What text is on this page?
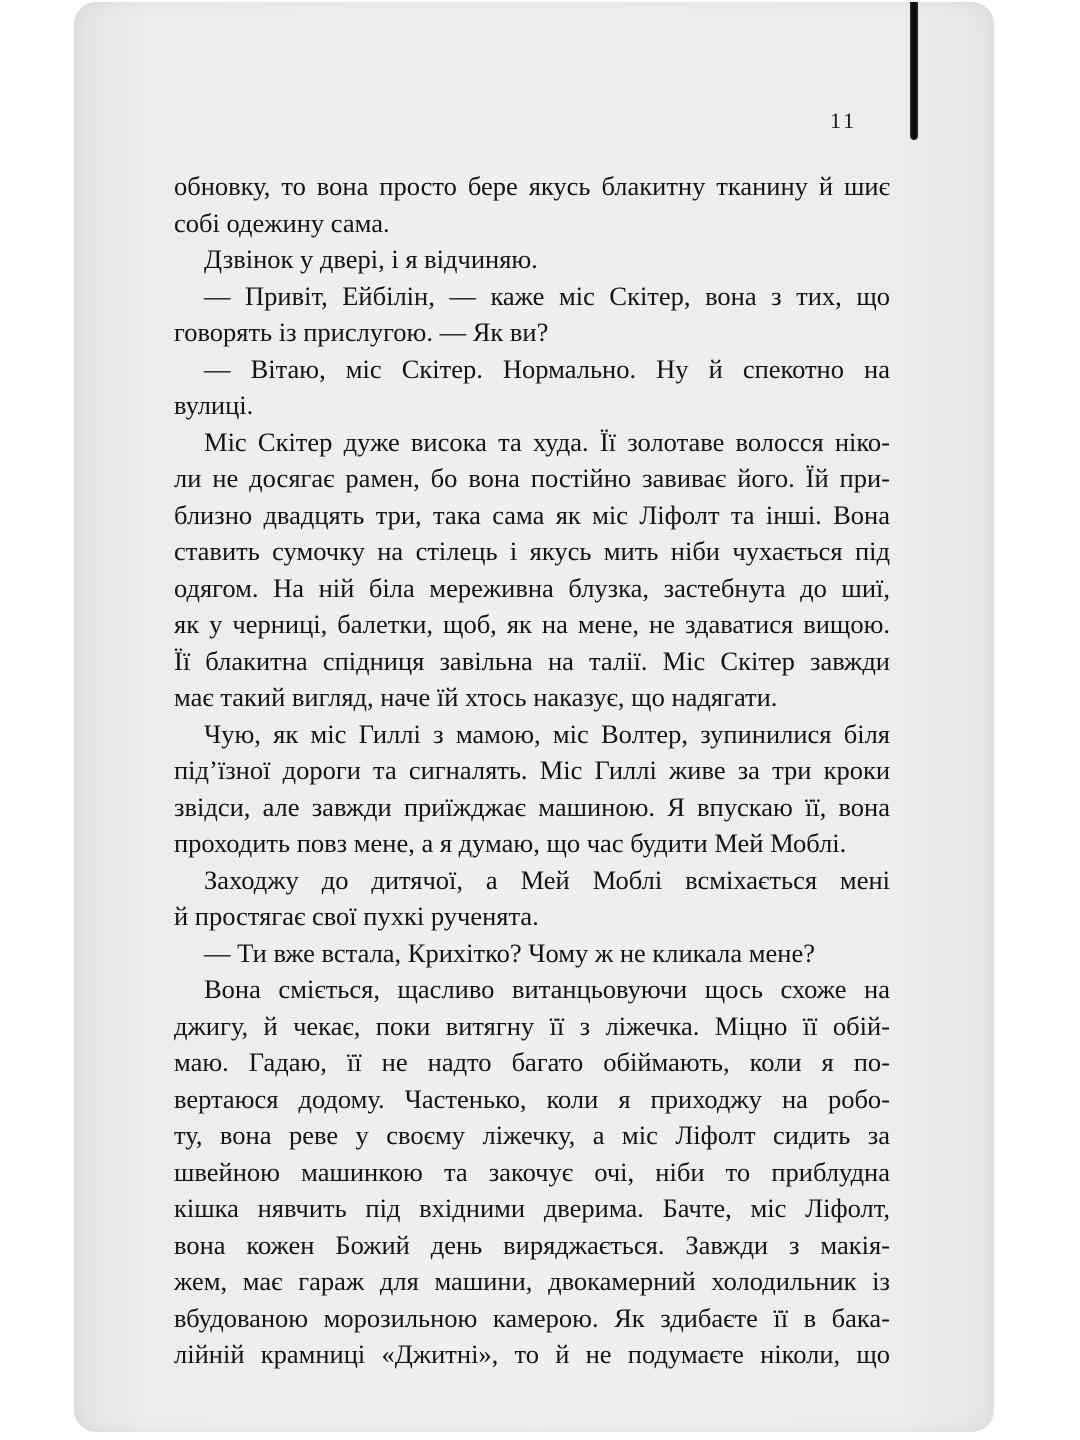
11
обновку, то вона просто бере якусь блакитну тканину й шиє
собі одежину сама.
Дзвінок у двері, і я відчиняю.
— Привіт, Ейбілін, — каже міс Скітер, вона з тих, що
говорять із прислугою. — Як ви?
— Вітаю, міс Скітер. Нормально. Ну й спекотно на
вулиці.
Міс Скітер дуже висока та худа. Її золотаве волосся ніко-
ли не досягає рамен, бо вона постійно завиває його. Їй при-
близно двадцять три, така сама як міс Ліфолт та інші. Вона
ставить сумочку на стілець і якусь мить ніби чухається під
одягом. На ній біла мереживна блузка, застебнута до шиї,
як у черниці, балетки, щоб, як на мене, не здаватися вищою.
Її блакитна спідниця завільна на талії. Міс Скітер завжди
має такий вигляд, наче їй хтось наказує, що надягати.
Чую, як міс Гиллі з мамою, міс Волтер, зупинилися біля
під’їзної дороги та сигналять. Міс Гиллі живе за три кроки
звідси, але завжди приїжджає машиною. Я впускаю її, вона
проходить повз мене, а я думаю, що час будити Мей Моблі.
Заходжу до дитячої, а Мей Моблі всміхається мені
й простягає свої пухкі рученята.
— Ти вже встала, Крихітко? Чому ж не кликала мене?
Вона сміється, щасливо витанцьовуючи щось схоже на
джигу, й чекає, поки витягну її з ліжечка. Міцно її обій-
маю. Гадаю, її не надто багато обіймають, коли я по-
вертаюся додому. Частенько, коли я приходжу на робо-
ту, вона реве у своєму ліжечку, а міс Ліфолт сидить за
швейною машинкою та закочує очі, ніби то приблудна
кішка нявчить під вхідними дверима. Бачте, міс Ліфолт,
вона кожен Божий день виряджається. Завжди з макія-
жем, має гараж для машини, двокамерний холодильник із
вбудованою морозильною камерою. Як здибаєте її в бака-
лійній крамниці «Джитні», то й не подумаєте ніколи, що
